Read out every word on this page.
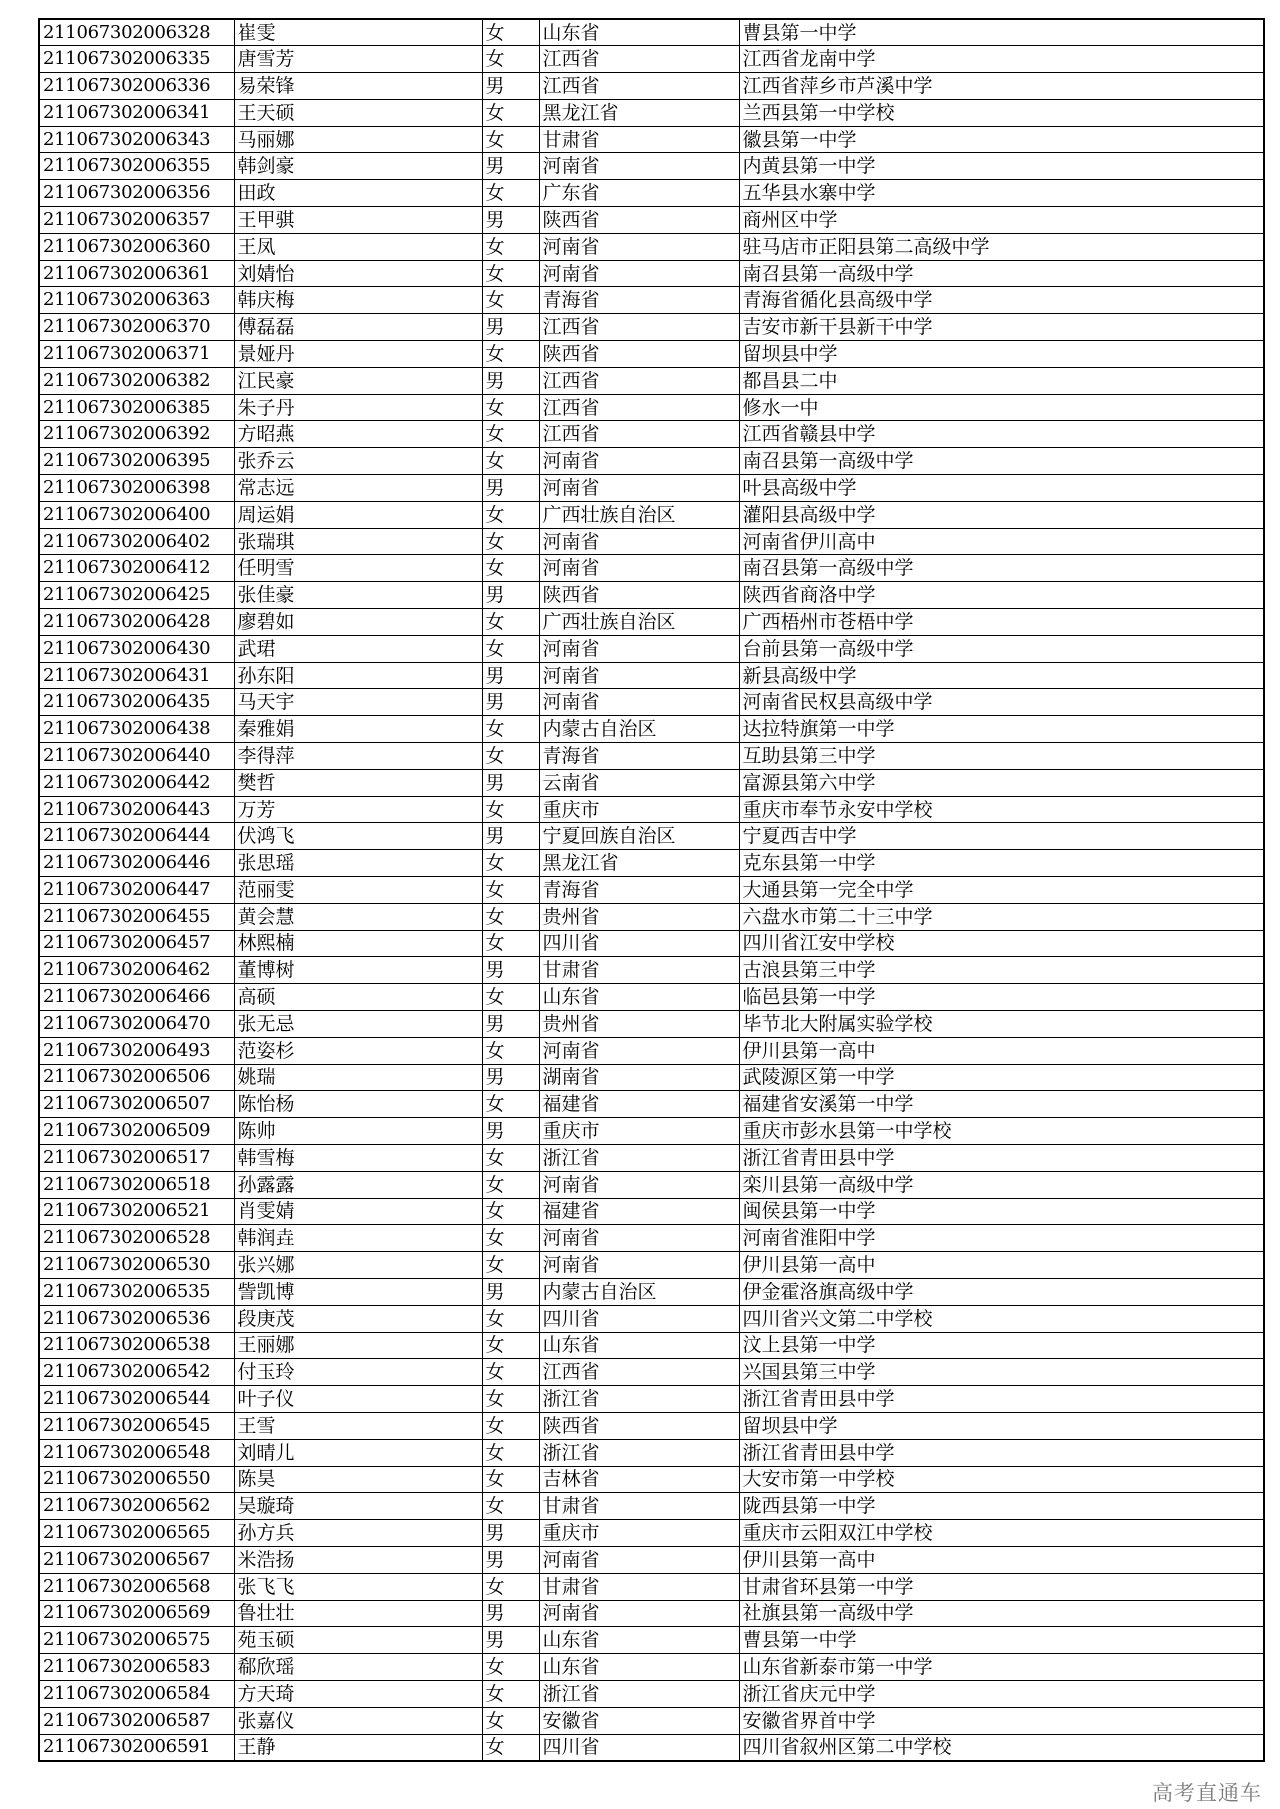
211067302006328	崔雯	女	山东省	曹县第一中学
211067302006335	唐雪芳	女	江西省	江西省龙南中学
211067302006336	易荣锋	男	江西省	江西省萍乡市芦溪中学
211067302006341	王天硕	女	黑龙江省	兰西县第一中学校
211067302006343	马丽娜	女	甘肃省	徽县第一中学
211067302006355	韩剑豪	男	河南省	内黄县第一中学
211067302006356	田政	女	广东省	五华县水寨中学
211067302006357	王甲骐	男	陕西省	商州区中学
211067302006360	王凤	女	河南省	驻马店市正阳县第二高级中学
211067302006361	刘婧怡	女	河南省	南召县第一高级中学
211067302006363	韩庆梅	女	青海省	青海省循化县高级中学
211067302006370	傅磊磊	男	江西省	吉安市新干县新干中学
211067302006371	景娅丹	女	陕西省	留坝县中学
211067302006382	江民豪	男	江西省	都昌县二中
211067302006385	朱子丹	女	江西省	修水一中
211067302006392	方昭燕	女	江西省	江西省赣县中学
211067302006395	张乔云	女	河南省	南召县第一高级中学
211067302006398	常志远	男	河南省	叶县高级中学
211067302006400	周运娟	女	广西壮族自治区	灌阳县高级中学
211067302006402	张瑞琪	女	河南省	河南省伊川高中
211067302006412	任明雪	女	河南省	南召县第一高级中学
211067302006425	张佳豪	男	陕西省	陕西省商洛中学
211067302006428	廖碧如	女	广西壮族自治区	广西梧州市苍梧中学
211067302006430	武珺	女	河南省	台前县第一高级中学
211067302006431	孙东阳	男	河南省	新县高级中学
211067302006435	马天宇	男	河南省	河南省民权县高级中学
211067302006438	秦雅娟	女	内蒙古自治区	达拉特旗第一中学
211067302006440	李得萍	女	青海省	互助县第三中学
211067302006442	樊哲	男	云南省	富源县第六中学
211067302006443	万芳	女	重庆市	重庆市奉节永安中学校
211067302006444	伏鸿飞	男	宁夏回族自治区	宁夏西吉中学
211067302006446	张思瑶	女	黑龙江省	克东县第一中学
211067302006447	范丽雯	女	青海省	大通县第一完全中学
211067302006455	黄会慧	女	贵州省	六盘水市第二十三中学
211067302006457	林熙楠	女	四川省	四川省江安中学校
211067302006462	董博树	男	甘肃省	古浪县第三中学
211067302006466	高硕	女	山东省	临邑县第一中学
211067302006470	张无忌	男	贵州省	毕节北大附属实验学校
211067302006493	范姿杉	女	河南省	伊川县第一高中
211067302006506	姚瑞	男	湖南省	武陵源区第一中学
211067302006507	陈怡杨	女	福建省	福建省安溪第一中学
211067302006509	陈帅	男	重庆市	重庆市彭水县第一中学校
211067302006517	韩雪梅	女	浙江省	浙江省青田县中学
211067302006518	孙露露	女	河南省	栾川县第一高级中学
211067302006521	肖雯婧	女	福建省	闽侯县第一中学
211067302006528	韩润垚	女	河南省	河南省淮阳中学
211067302006530	张兴娜	女	河南省	伊川县第一高中
211067302006535	訾凯博	男	内蒙古自治区	伊金霍洛旗高级中学
211067302006536	段庚茂	女	四川省	四川省兴文第二中学校
211067302006538	王丽娜	女	山东省	汶上县第一中学
211067302006542	付玉玲	女	江西省	兴国县第三中学
211067302006544	叶子仪	女	浙江省	浙江省青田县中学
211067302006545	王雪	女	陕西省	留坝县中学
211067302006548	刘晴儿	女	浙江省	浙江省青田县中学
211067302006550	陈昊	女	吉林省	大安市第一中学校
211067302006562	吴璇琦	女	甘肃省	陇西县第一中学
211067302006565	孙方兵	男	重庆市	重庆市云阳双江中学校
211067302006567	米浩扬	男	河南省	伊川县第一高中
211067302006568	张飞飞	女	甘肃省	甘肃省环县第一中学
211067302006569	鲁壮壮	男	河南省	社旗县第一高级中学
211067302006575	苑玉硕	男	山东省	曹县第一中学
211067302006583	郗欣瑶	女	山东省	山东省新泰市第一中学
211067302006584	方天琦	女	浙江省	浙江省庆元中学
211067302006587	张嘉仪	女	安徽省	安徽省界首中学
211067302006591	王静	女	四川省	四川省叙州区第二中学校
高考直通车
